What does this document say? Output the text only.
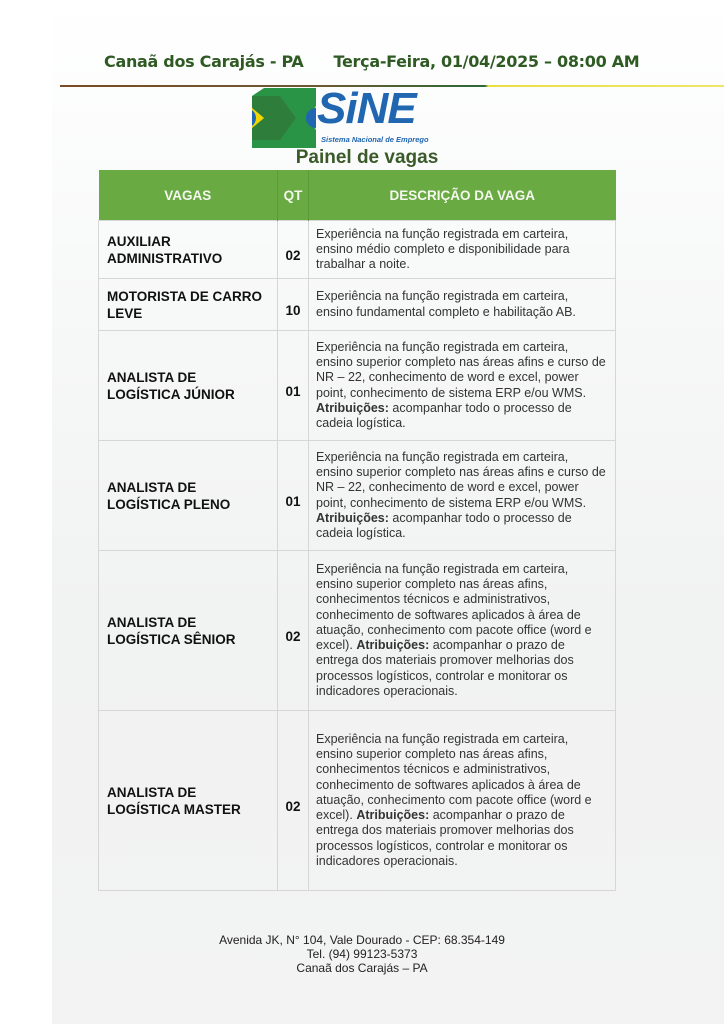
Canaã dos Carajás - PA Terça-Feira, 01/04/2025 – 08:00 AM
SiNE
Sistema Nacional de Emprego
Painel de vagas
VAGAS	QT	DESCRIÇÃO DA VAGA
AUXILIAR ADMINISTRATIVO	02	Experiência na função registrada em carteira, ensino médio completo e disponibilidade para trabalhar a noite.
MOTORISTA DE CARRO LEVE	10	Experiência na função registrada em carteira, ensino fundamental completo e habilitação AB.
ANALISTA DE LOGÍSTICA JÚNIOR	01	Experiência na função registrada em carteira, ensino superior completo nas áreas afins e curso de NR – 22, conhecimento de word e excel, power point, conhecimento de sistema ERP e/ou WMS. Atribuições: acompanhar todo o processo de cadeia logística.
ANALISTA DE LOGÍSTICA PLENO	01	Experiência na função registrada em carteira, ensino superior completo nas áreas afins e curso de NR – 22, conhecimento de word e excel, power point, conhecimento de sistema ERP e/ou WMS. Atribuições: acompanhar todo o processo de cadeia logística.
ANALISTA DE LOGÍSTICA SÊNIOR	02	Experiência na função registrada em carteira, ensino superior completo nas áreas afins, conhecimentos técnicos e administrativos, conhecimento de softwares aplicados à área de atuação, conhecimento com pacote office (word e excel). Atribuições: acompanhar o prazo de entrega dos materiais promover melhorias dos processos logísticos, controlar e monitorar os indicadores operacionais.
ANALISTA DE LOGÍSTICA MASTER	02	Experiência na função registrada em carteira, ensino superior completo nas áreas afins, conhecimentos técnicos e administrativos, conhecimento de softwares aplicados à área de atuação, conhecimento com pacote office (word e excel). Atribuições: acompanhar o prazo de entrega dos materiais promover melhorias dos processos logísticos, controlar e monitorar os indicadores operacionais.
Avenida JK, N° 104, Vale Dourado - CEP: 68.354-149
Tel. (94) 99123-5373
Canaã dos Carajás – PA
